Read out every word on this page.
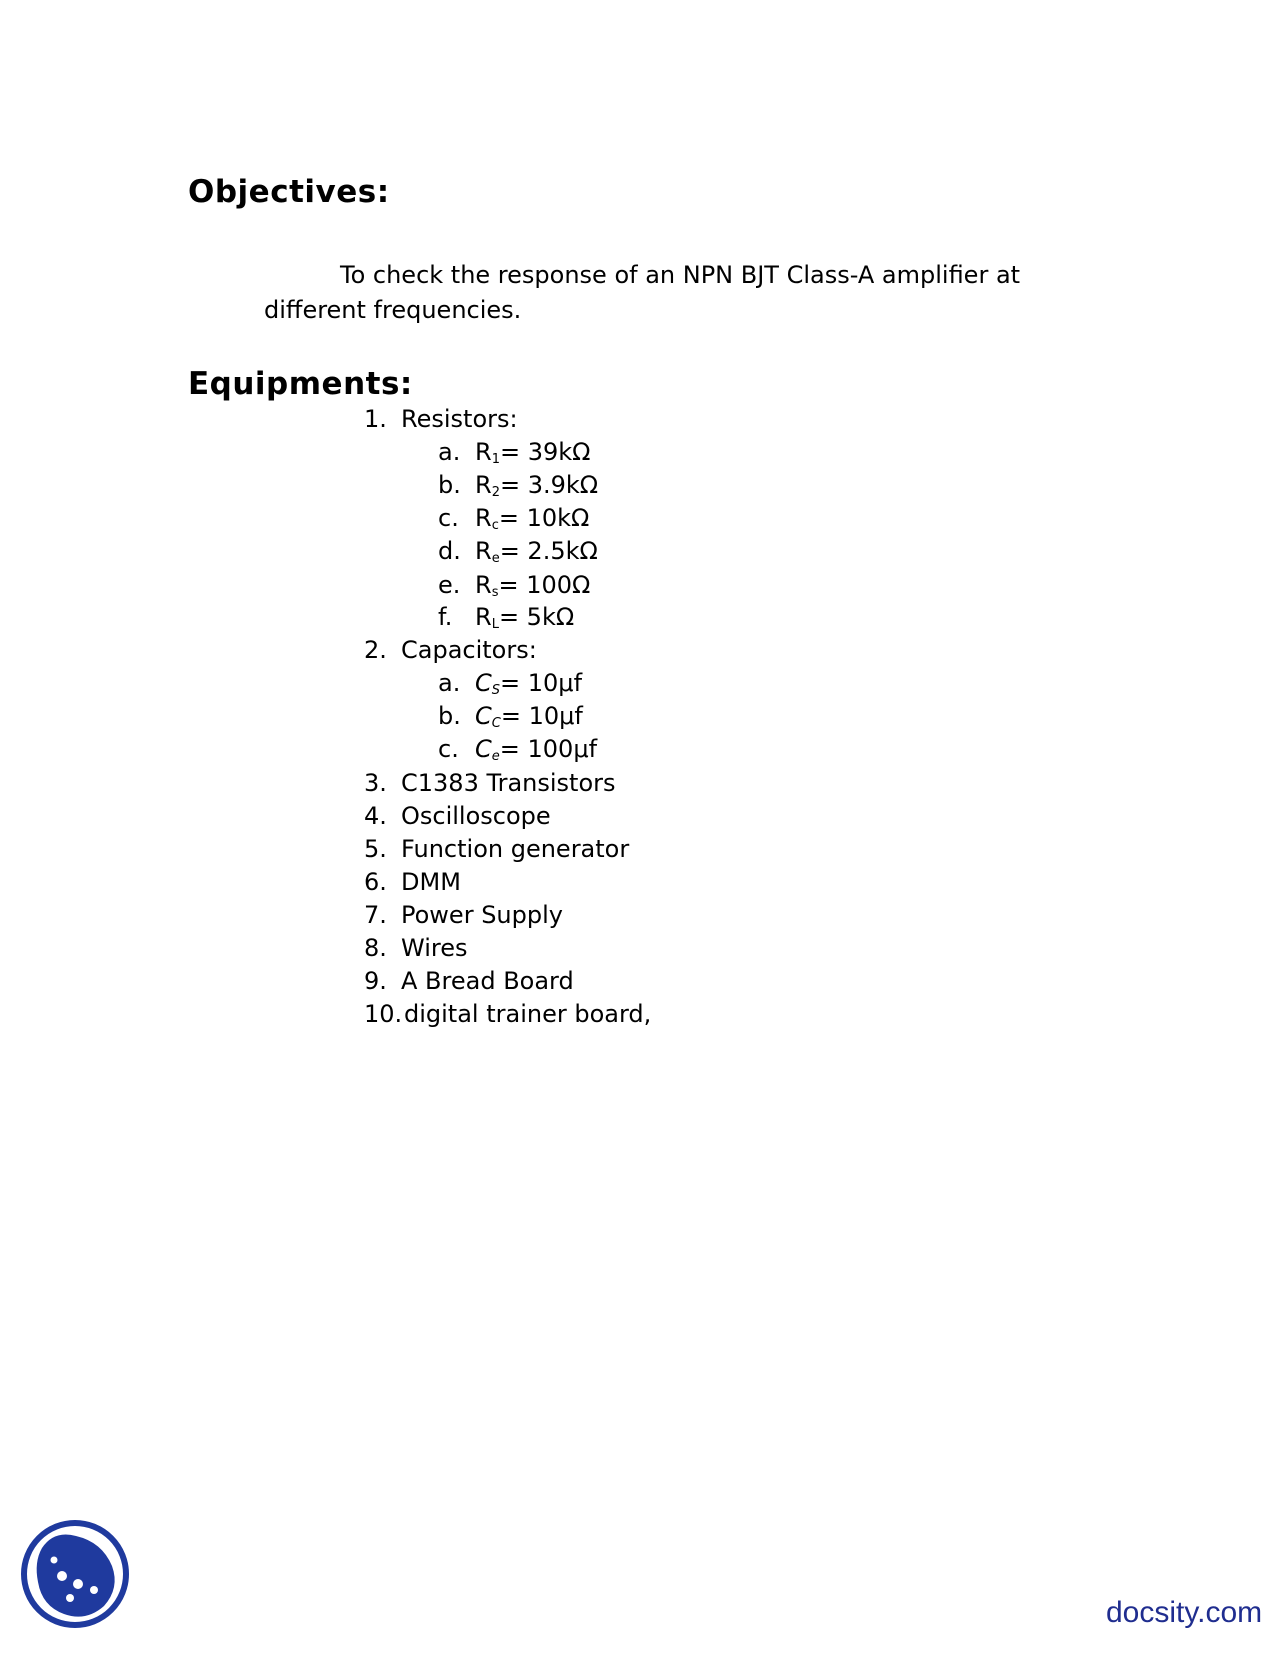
Objectives:

To check the response of an NPN BJT Class-A amplifier at different frequencies.

Equipments:
1. Resistors:
a. $R_1= 39k\Omega$
b. $R_2= 3.9k\Omega$
c. $R_c= 10k\Omega$
d. $R_e= 2.5k\Omega$
e. $R_s= 100\Omega$
f. $R_L= 5k\Omega$
2. Capacitors:
a. $C_S= 10\mu f$
b. $C_C= 10\mu f$
c. $C_e= 100\mu f$
3. C1383 Transistors
4. Oscilloscope
5. Function generator
6. DMM
7. Power Supply
8. Wires
9. A Bread Board
10.digital trainer board,
docsity.com
